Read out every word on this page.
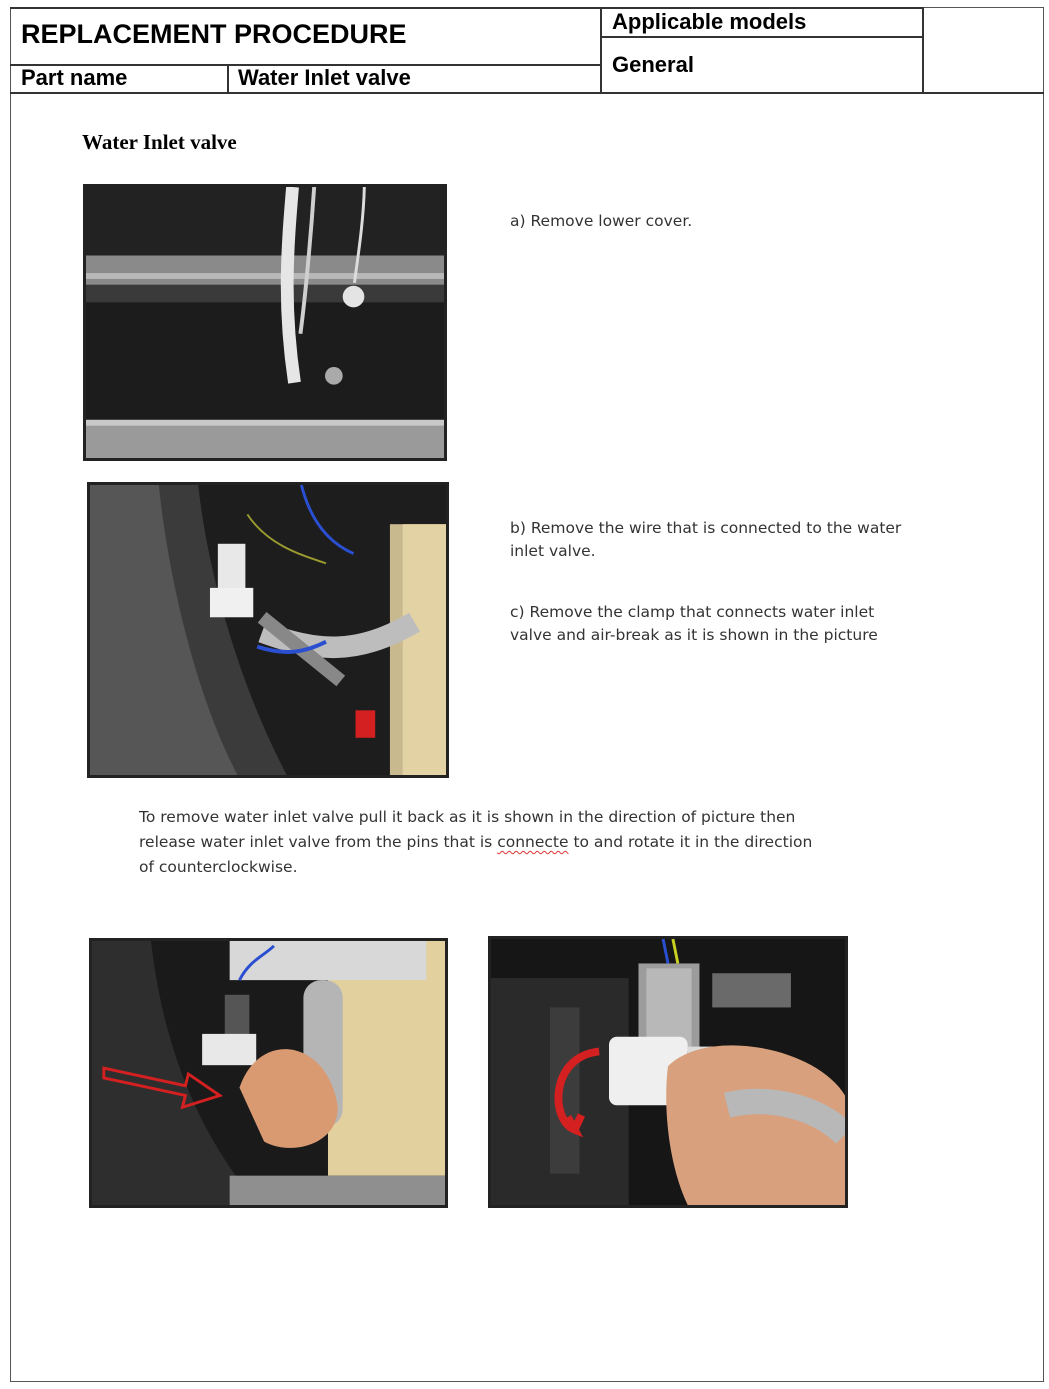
REPLACEMENT PROCEDURE
Part name	Water Inlet valve
Applicable models
General
Water Inlet valve
a) Remove lower cover.
b) Remove the wire that is connected to the water inlet valve.
c) Remove the clamp that connects water inlet valve and air-break as it is shown in the picture
To remove water inlet valve pull it back as it is shown in the direction of picture then release water inlet valve from the pins that is connecte to and rotate it in the direction of counterclockwise.
